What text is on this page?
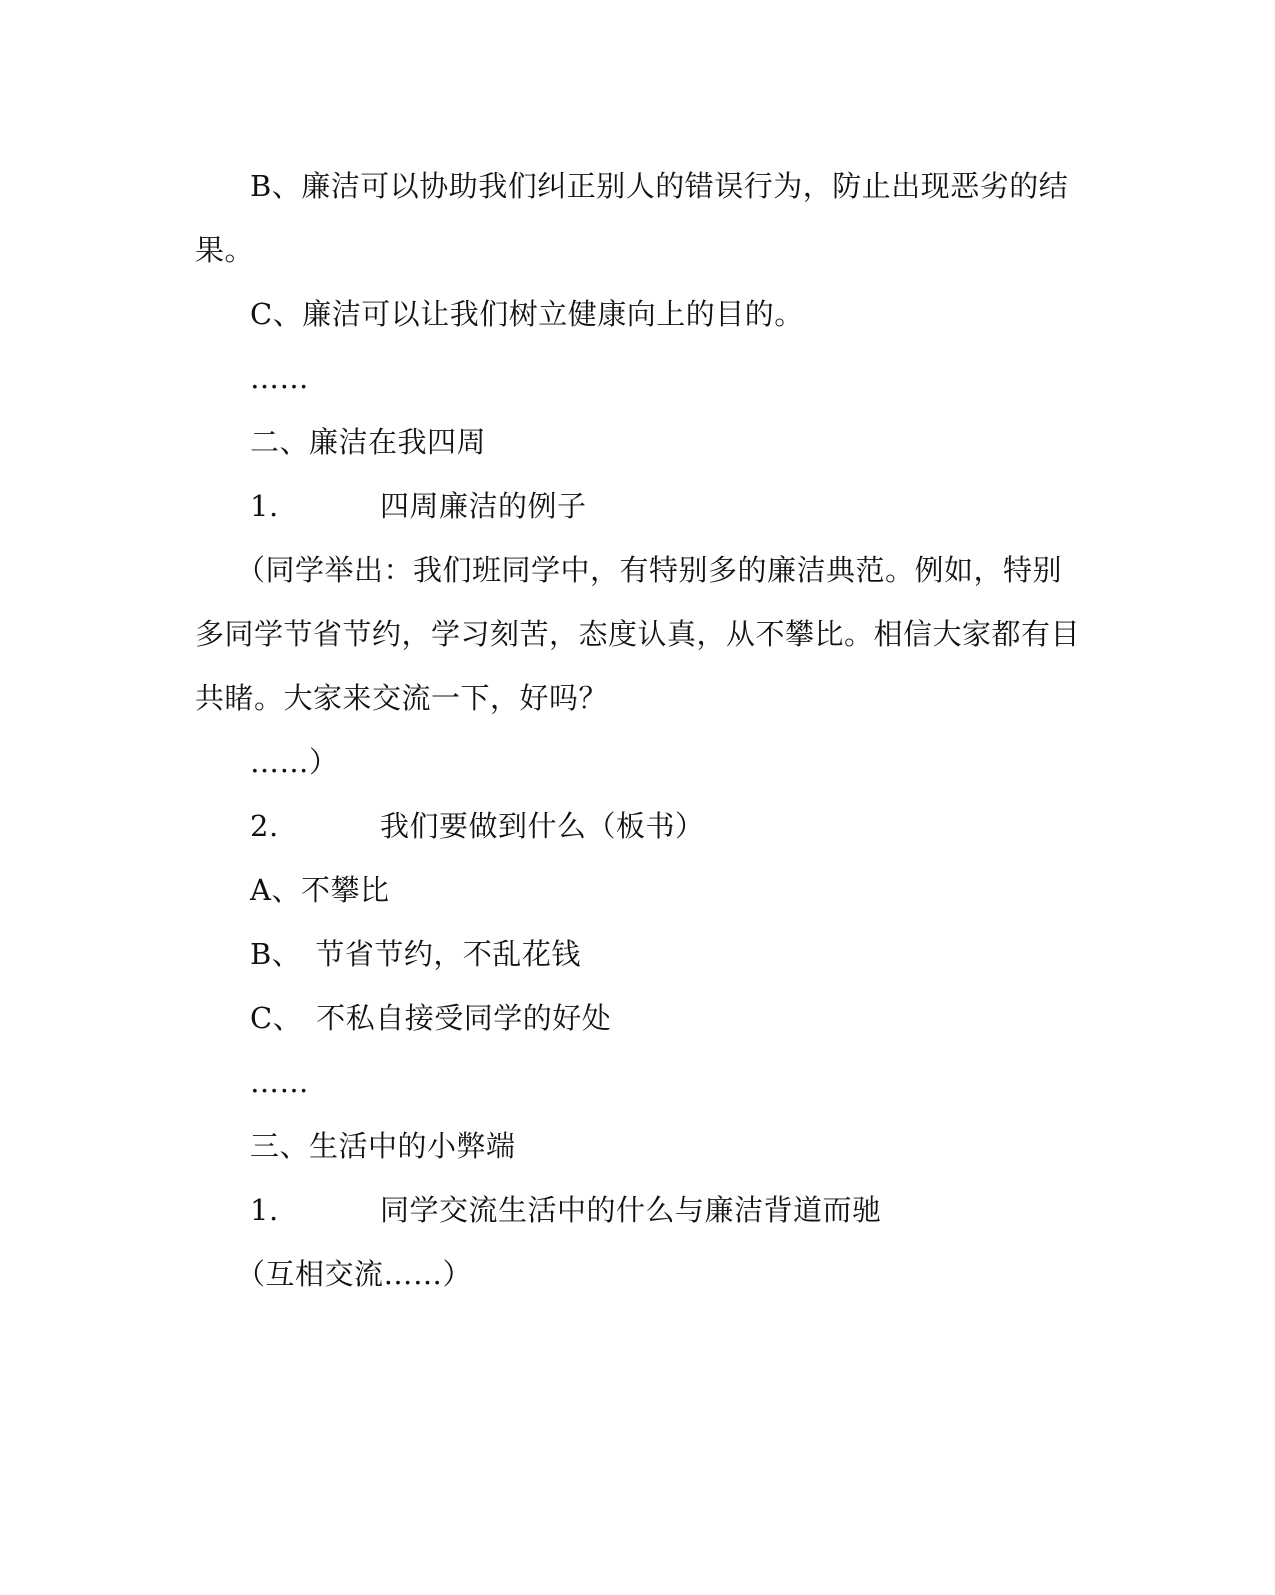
B、廉洁可以协助我们纠正别人的错误行为，防止出现恶劣的结
果。
C、廉洁可以让我们树立健康向上的目的。
……
二、廉洁在我四周
1.	四周廉洁的例子
（同学举出：我们班同学中，有特别多的廉洁典范。例如，特别
多同学节省节约，学习刻苦，态度认真，从不攀比。相信大家都有目
共睹。大家来交流一下，好吗？
……）
2.	我们要做到什么（板书）
A、不攀比
B、 节省节约，不乱花钱
C、 不私自接受同学的好处
……
三、生活中的小弊端
1.	同学交流生活中的什么与廉洁背道而驰
（互相交流……）
